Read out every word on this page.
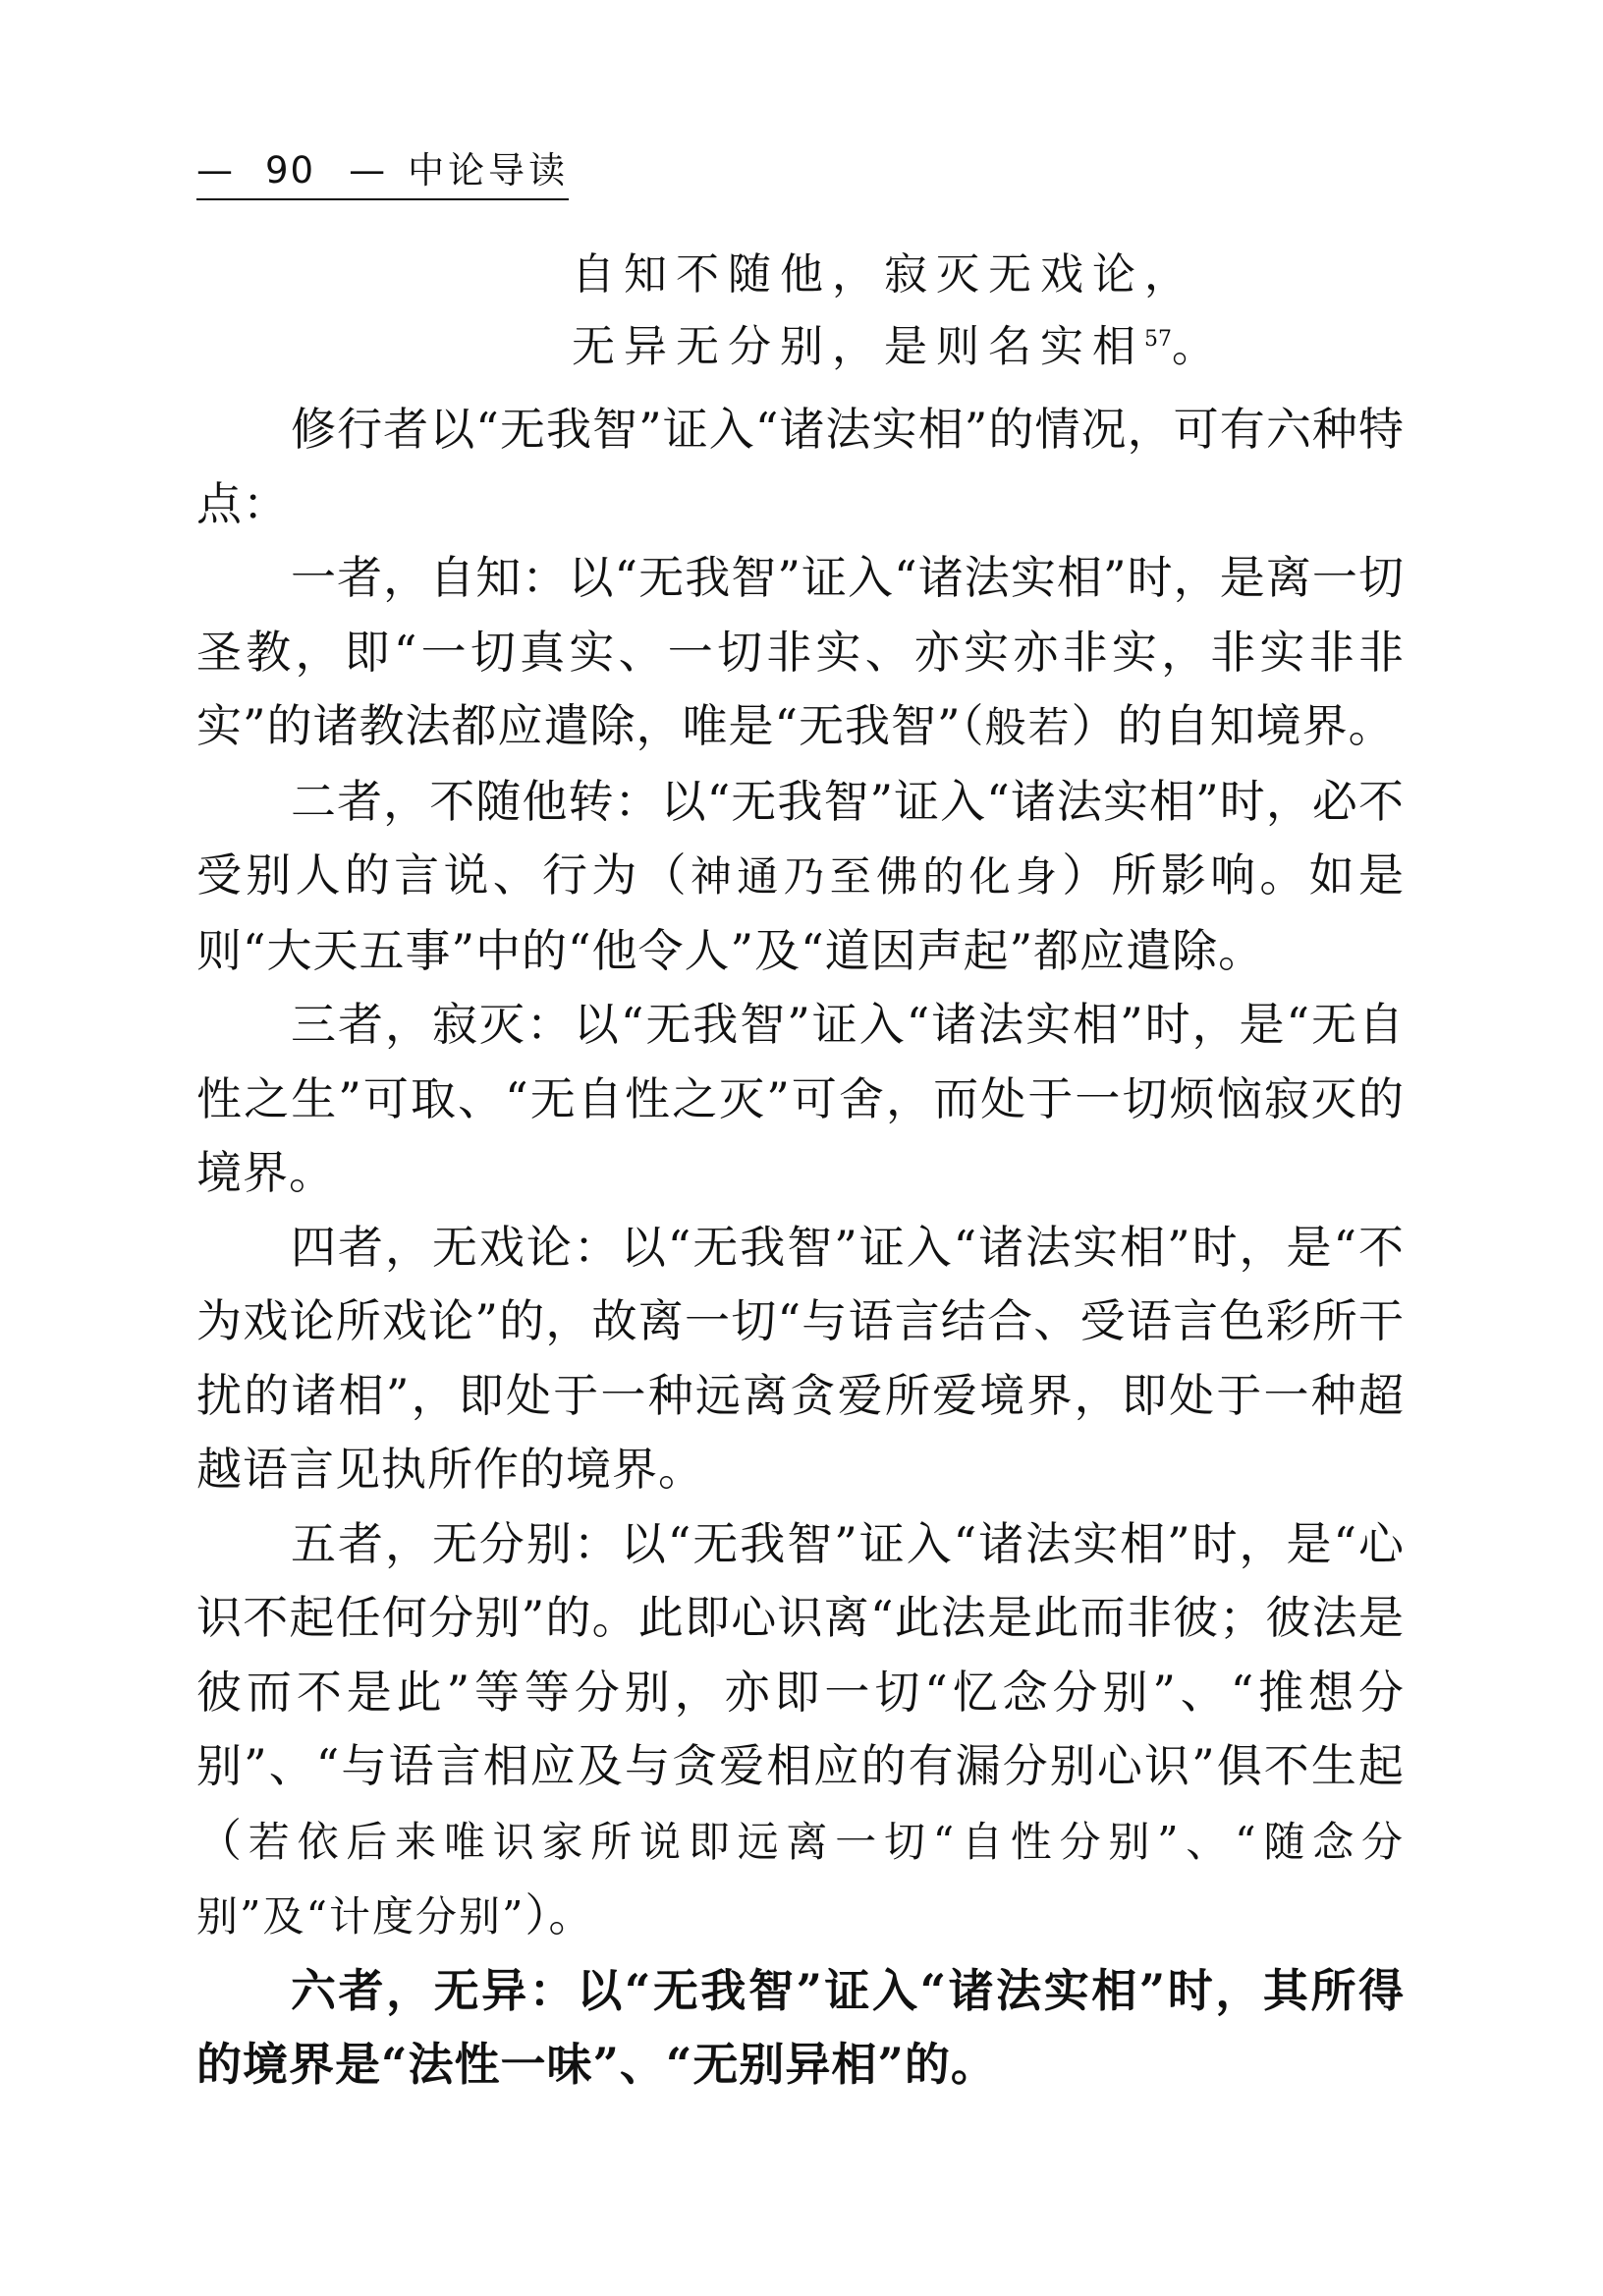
— 90 — 中论导读
自知不随他，寂灭无戏论，
无异无分别，是则名实相$^{57}$。

修行者以“无我智”证入“诸法实相”的情况，可有六种特点：

一者，自知：以“无我智”证入“诸法实相”时，是离一切圣教，即“一切真实、一切非实、亦实亦非实，非实非非实”的诸教法都应遣除，唯是“无我智”（般若）的自知境界。

二者，不随他转：以“无我智”证入“诸法实相”时，必不受别人的言说、行为（神通乃至佛的化身）所影响。如是则“大天五事”中的“他令人”及“道因声起”都应遣除。

三者，寂灭：以“无我智”证入“诸法实相”时，是“无自性之生”可取、“无自性之灭”可舍，而处于一切烦恼寂灭的境界。

四者，无戏论：以“无我智”证入“诸法实相”时，是“不为戏论所戏论”的，故离一切“与语言结合、受语言色彩所干扰的诸相”，即处于一种远离贪爱所爱境界，即处于一种超越语言见执所作的境界。

五者，无分别：以“无我智”证入“诸法实相”时，是“心识不起任何分别”的。此即心识离“此法是此而非彼；彼法是彼而不是此”等等分别，亦即一切“忆念分别”、“推想分别”、“与语言相应及与贪爱相应的有漏分别心识”俱不生起（若依后来唯识家所说即远离一切“自性分别”、“随念分别”及“计度分别”）。

六者，无异：以“无我智”证入“诸法实相”时，其所得的境界是“法性一味”、“无别异相”的。
